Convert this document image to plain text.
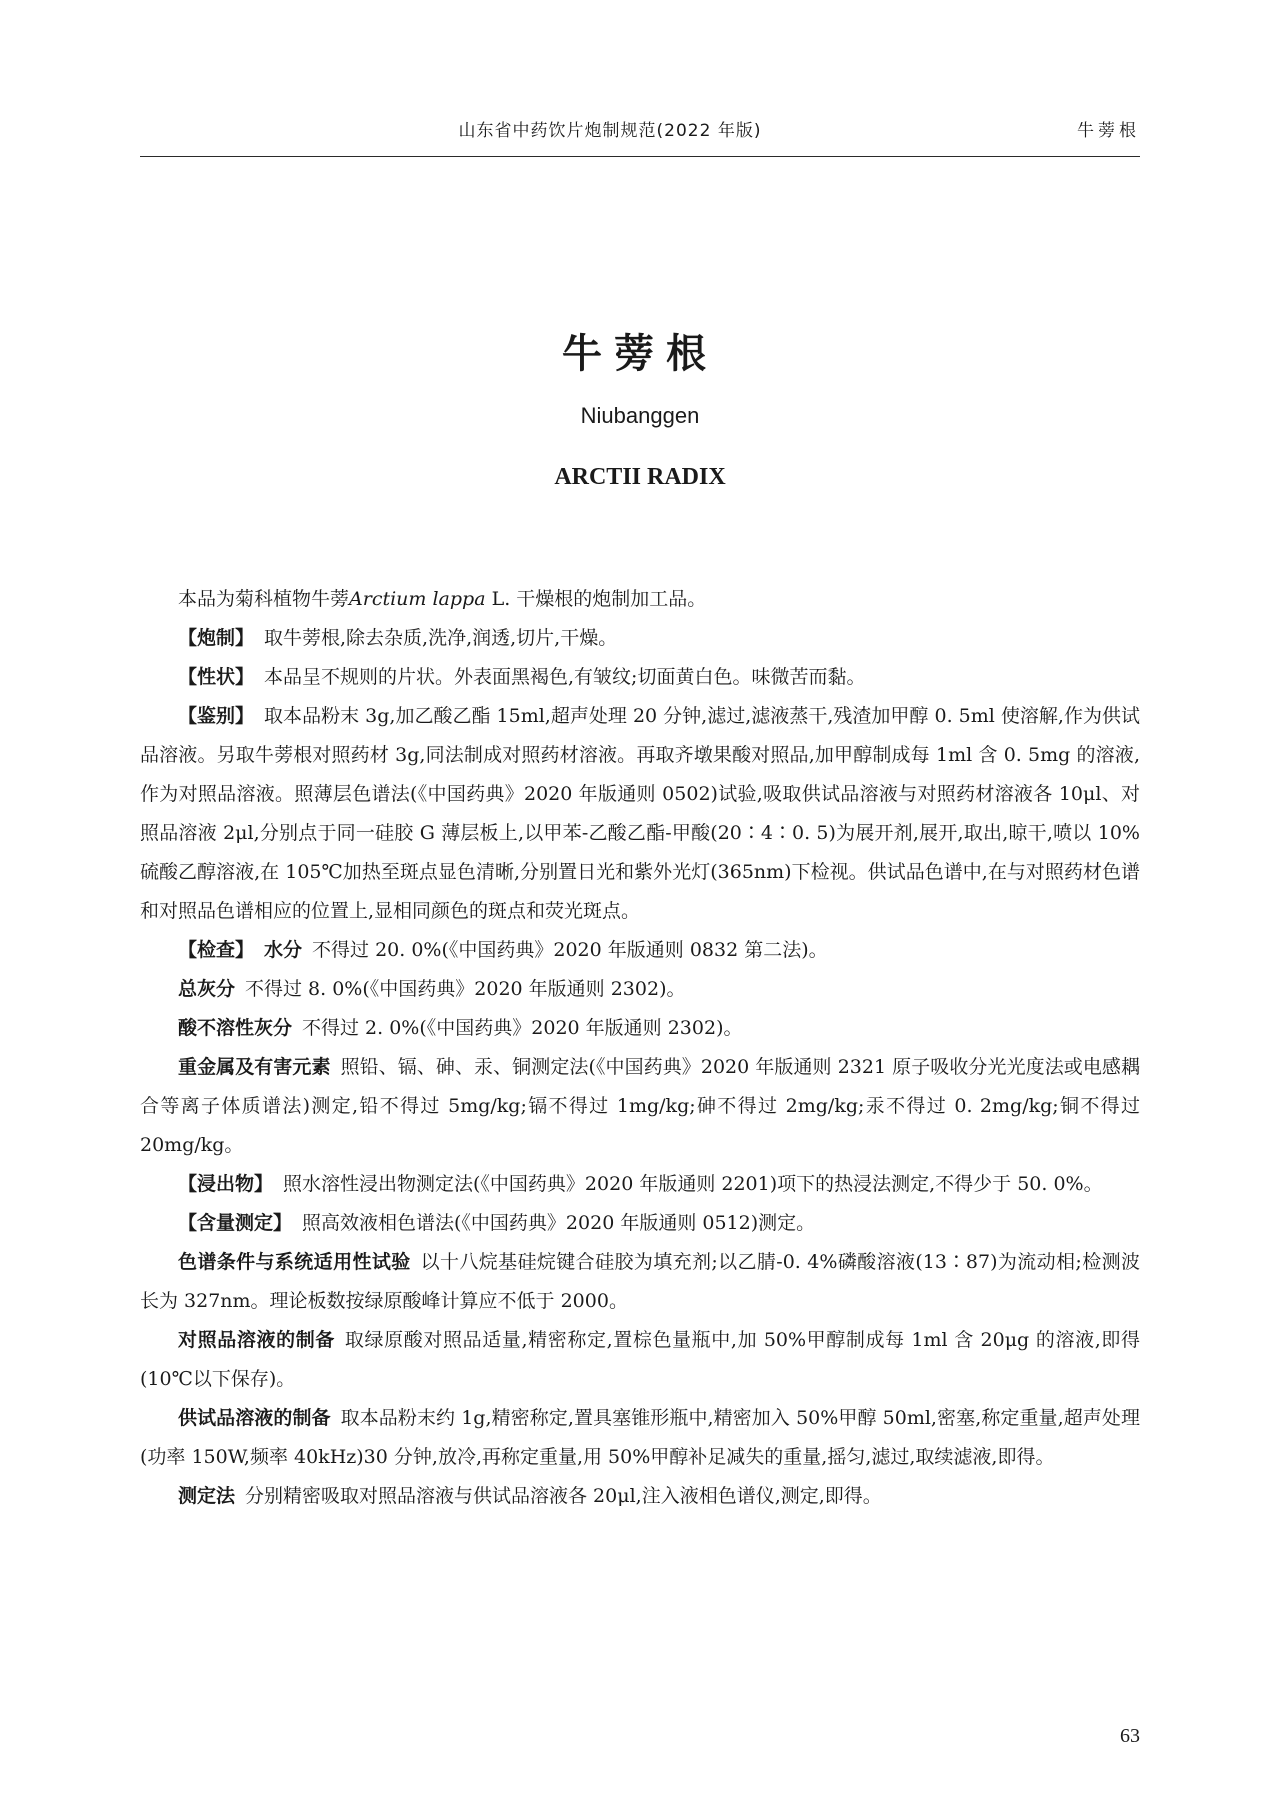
山东省中药饮片炮制规范(2022 年版)	牛蒡根
牛蒡根
Niubanggen
ARCTII RADIX

本品为菊科植物牛蒡Arctium lappa L. 干燥根的炮制加工品。

【炮制】 取牛蒡根,除去杂质,洗净,润透,切片,干燥。

【性状】 本品呈不规则的片状。外表面黑褐色,有皱纹;切面黄白色。味微苦而黏。

【鉴别】 取本品粉末 3g,加乙酸乙酯 15ml,超声处理 20 分钟,滤过,滤液蒸干,残渣加甲醇 0. 5ml 使溶解,作为供试品溶液。另取牛蒡根对照药材 3g,同法制成对照药材溶液。再取齐墩果酸对照品,加甲醇制成每 1ml 含 0. 5mg 的溶液,作为对照品溶液。照薄层色谱法(《中国药典》2020 年版通则 0502)试验,吸取供试品溶液与对照药材溶液各 10μl、对照品溶液 2μl,分别点于同一硅胶 G 薄层板上,以甲苯-乙酸乙酯-甲酸(20∶4∶0. 5)为展开剂,展开,取出,晾干,喷以 10%硫酸乙醇溶液,在 105℃加热至斑点显色清晰,分别置日光和紫外光灯(365nm)下检视。供试品色谱中,在与对照药材色谱和对照品色谱相应的位置上,显相同颜色的斑点和荧光斑点。

【检查】 水分 不得过 20. 0%(《中国药典》2020 年版通则 0832 第二法)。

总灰分 不得过 8. 0%(《中国药典》2020 年版通则 2302)。

酸不溶性灰分 不得过 2. 0%(《中国药典》2020 年版通则 2302)。

重金属及有害元素 照铅、镉、砷、汞、铜测定法(《中国药典》2020 年版通则 2321 原子吸收分光光度法或电感耦合等离子体质谱法)测定,铅不得过 5mg/kg;镉不得过 1mg/kg;砷不得过 2mg/kg;汞不得过 0. 2mg/kg;铜不得过 20mg/kg。

【浸出物】 照水溶性浸出物测定法(《中国药典》2020 年版通则 2201)项下的热浸法测定,不得少于 50. 0%。

【含量测定】 照高效液相色谱法(《中国药典》2020 年版通则 0512)测定。

色谱条件与系统适用性试验 以十八烷基硅烷键合硅胶为填充剂;以乙腈-0. 4%磷酸溶液(13∶87)为流动相;检测波长为 327nm。理论板数按绿原酸峰计算应不低于 2000。

对照品溶液的制备 取绿原酸对照品适量,精密称定,置棕色量瓶中,加 50%甲醇制成每 1ml 含 20μg 的溶液,即得(10℃以下保存)。

供试品溶液的制备 取本品粉末约 1g,精密称定,置具塞锥形瓶中,精密加入 50%甲醇 50ml,密塞,称定重量,超声处理(功率 150W,频率 40kHz)30 分钟,放冷,再称定重量,用 50%甲醇补足减失的重量,摇匀,滤过,取续滤液,即得。

测定法 分别精密吸取对照品溶液与供试品溶液各 20μl,注入液相色谱仪,测定,即得。

63
